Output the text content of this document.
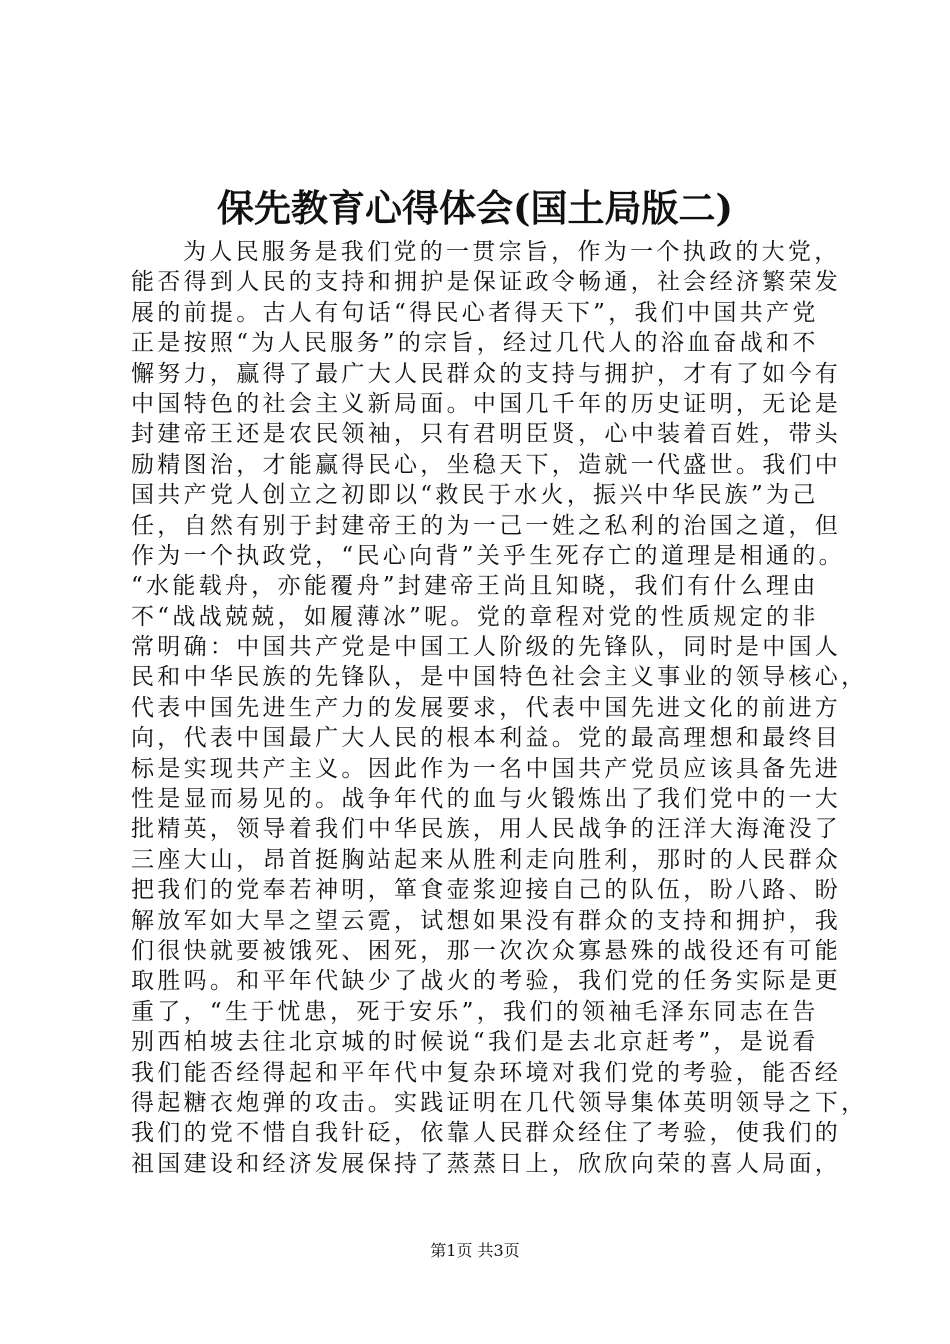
保先教育心得体会(国土局版二)
为人民服务是我们党的一贯宗旨，作为一个执政的大党，
能否得到人民的支持和拥护是保证政令畅通，社会经济繁荣发
展的前提。古人有句话“得民心者得天下”，我们中国共产党
正是按照“为人民服务”的宗旨，经过几代人的浴血奋战和不
懈努力，赢得了最广大人民群众的支持与拥护，才有了如今有
中国特色的社会主义新局面。中国几千年的历史证明，无论是
封建帝王还是农民领袖，只有君明臣贤，心中装着百姓，带头
励精图治，才能赢得民心，坐稳天下，造就一代盛世。我们中
国共产党人创立之初即以“救民于水火，振兴中华民族”为己
任，自然有别于封建帝王的为一己一姓之私利的治国之道，但
作为一个执政党，“民心向背”关乎生死存亡的道理是相通的。
“水能载舟，亦能覆舟”封建帝王尚且知晓，我们有什么理由
不“战战兢兢，如履薄冰”呢。党的章程对党的性质规定的非
常明确：中国共产党是中国工人阶级的先锋队，同时是中国人
民和中华民族的先锋队，是中国特色社会主义事业的领导核心，
代表中国先进生产力的发展要求，代表中国先进文化的前进方
向，代表中国最广大人民的根本利益。党的最高理想和最终目
标是实现共产主义。因此作为一名中国共产党员应该具备先进
性是显而易见的。战争年代的血与火锻炼出了我们党中的一大
批精英，领导着我们中华民族，用人民战争的汪洋大海淹没了
三座大山，昂首挺胸站起来从胜利走向胜利，那时的人民群众
把我们的党奉若神明，箪食壶浆迎接自己的队伍，盼八路、盼
解放军如大旱之望云霓，试想如果没有群众的支持和拥护，我
们很快就要被饿死、困死，那一次次众寡悬殊的战役还有可能
取胜吗。和平年代缺少了战火的考验，我们党的任务实际是更
重了，“生于忧患，死于安乐”，我们的领袖毛泽东同志在告
别西柏坡去往北京城的时候说“我们是去北京赶考”，是说看
我们能否经得起和平年代中复杂环境对我们党的考验，能否经
得起糖衣炮弹的攻击。实践证明在几代领导集体英明领导之下，
我们的党不惜自我针砭，依靠人民群众经住了考验，使我们的
祖国建设和经济发展保持了蒸蒸日上，欣欣向荣的喜人局面，
第1页 共3页
